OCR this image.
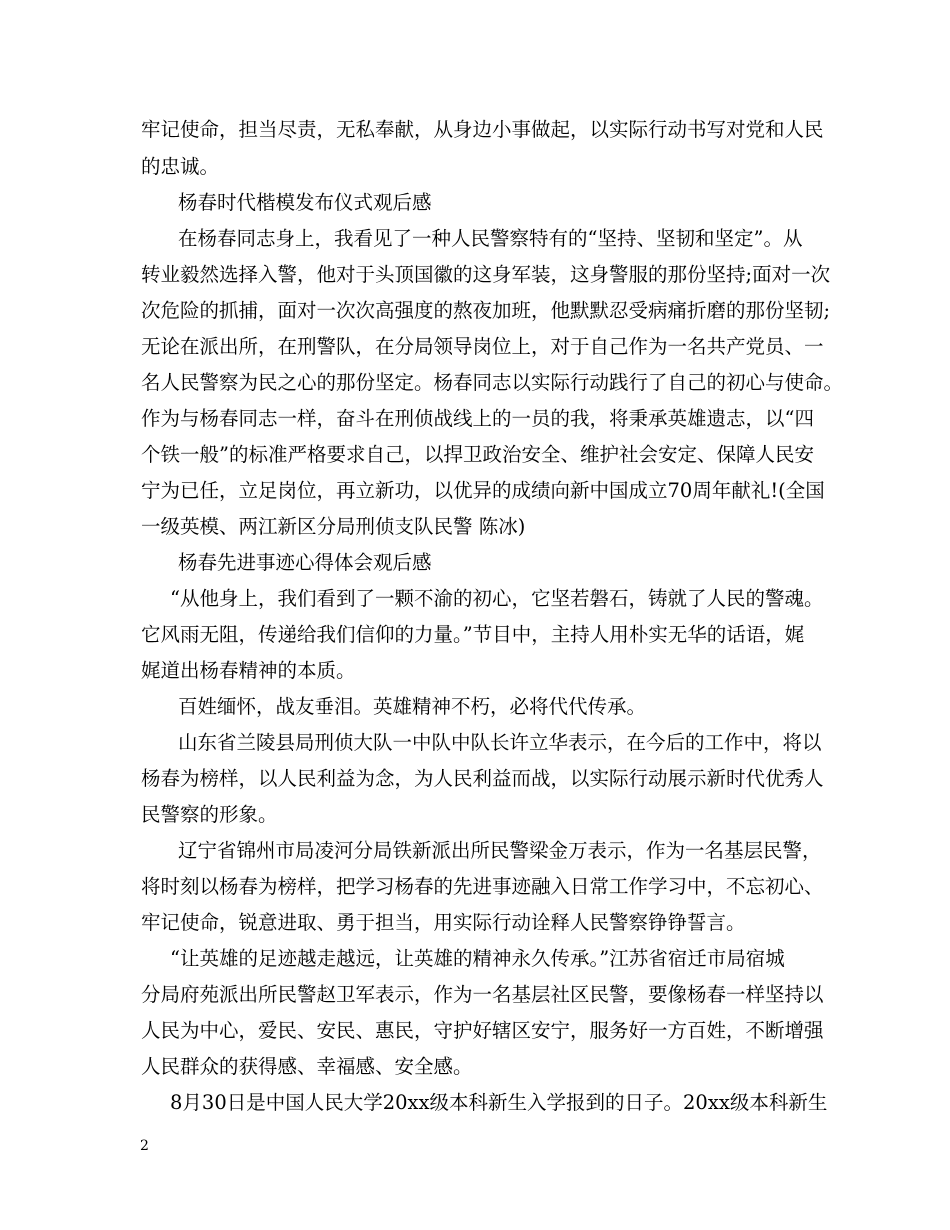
牢记使命，担当尽责，无私奉献，从身边小事做起，以实际行动书写对党和人民
的忠诚。
杨春时代楷模发布仪式观后感
在杨春同志身上，我看见了一种人民警察特有的“坚持、坚韧和坚定”。从
转业毅然选择入警，他对于头顶国徽的这身军装，这身警服的那份坚持;面对一次
次危险的抓捕，面对一次次高强度的熬夜加班，他默默忍受病痛折磨的那份坚韧;
无论在派出所，在刑警队，在分局领导岗位上，对于自己作为一名共产党员、一
名人民警察为民之心的那份坚定。杨春同志以实际行动践行了自己的初心与使命。
作为与杨春同志一样，奋斗在刑侦战线上的一员的我，将秉承英雄遗志，以“四
个铁一般”的标准严格要求自己，以捍卫政治安全、维护社会安定、保障人民安
宁为已任，立足岗位，再立新功，以优异的成绩向新中国成立70周年献礼!(全国
一级英模、两江新区分局刑侦支队民警 陈冰)
杨春先进事迹心得体会观后感
“从他身上，我们看到了一颗不渝的初心，它坚若磐石，铸就了人民的警魂。
它风雨无阻，传递给我们信仰的力量。”节目中，主持人用朴实无华的话语，娓
娓道出杨春精神的本质。
百姓缅怀，战友垂泪。英雄精神不朽，必将代代传承。
山东省兰陵县局刑侦大队一中队中队长许立华表示，在今后的工作中，将以
杨春为榜样，以人民利益为念，为人民利益而战，以实际行动展示新时代优秀人
民警察的形象。
辽宁省锦州市局凌河分局铁新派出所民警梁金万表示，作为一名基层民警，
将时刻以杨春为榜样，把学习杨春的先进事迹融入日常工作学习中，不忘初心、
牢记使命，锐意进取、勇于担当，用实际行动诠释人民警察铮铮誓言。
“让英雄的足迹越走越远，让英雄的精神永久传承。”江苏省宿迁市局宿城
分局府苑派出所民警赵卫军表示，作为一名基层社区民警，要像杨春一样坚持以
人民为中心，爱民、安民、惠民，守护好辖区安宁，服务好一方百姓，不断增强
人民群众的获得感、幸福感、安全感。
8月30日是中国人民大学20xx级本科新生入学报到的日子。20xx级本科新生
2
